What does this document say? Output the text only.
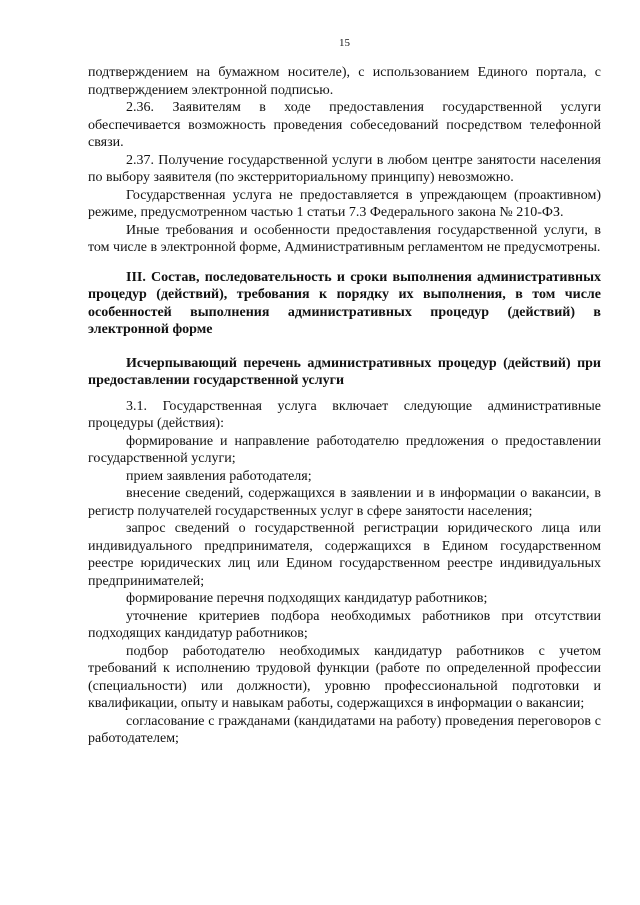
15

подтверждением на бумажном носителе), с использованием Единого портала, с подтверждением электронной подписью.

2.36. Заявителям в ходе предоставления государственной услуги обеспечивается возможность проведения собеседований посредством телефонной связи.

2.37. Получение государственной услуги в любом центре занятости населения по выбору заявителя (по экстерриториальному принципу) невозможно.

Государственная услуга не предоставляется в упреждающем (проактивном) режиме, предусмотренном частью 1 статьи 7.3 Федерального закона № 210-ФЗ.

Иные требования и особенности предоставления государственной услуги, в том числе в электронной форме, Административным регламентом не предусмотрены.

III. Состав, последовательность и сроки выполнения административных процедур (действий), требования к порядку их выполнения, в том числе особенностей выполнения административных процедур (действий) в электронной форме

Исчерпывающий перечень административных процедур (действий) при предоставлении государственной услуги

3.1. Государственная услуга включает следующие административные процедуры (действия):

формирование и направление работодателю предложения о предоставлении государственной услуги;

прием заявления работодателя;

внесение сведений, содержащихся в заявлении и в информации о вакансии, в регистр получателей государственных услуг в сфере занятости населения;

запрос сведений о государственной регистрации юридического лица или индивидуального предпринимателя, содержащихся в Едином государственном реестре юридических лиц или Едином государственном реестре индивидуальных предпринимателей;

формирование перечня подходящих кандидатур работников;

уточнение критериев подбора необходимых работников при отсутствии подходящих кандидатур работников;

подбор работодателю необходимых кандидатур работников с учетом требований к исполнению трудовой функции (работе по определенной профессии (специальности) или должности), уровню профессиональной подготовки и квалификации, опыту и навыкам работы, содержащихся в информации о вакансии;

согласование с гражданами (кандидатами на работу) проведения переговоров с работодателем;
